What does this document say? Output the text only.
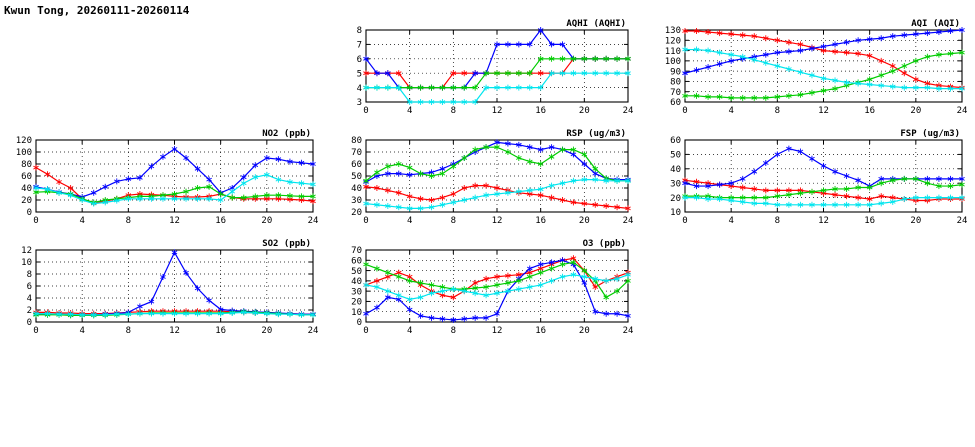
Kwun Tong, 20260111-20260114
0	4	8	12	16	20	24
3
4
5
6
7
8
AQHI (AQHI)
0	4	8	12	16	20	24
60
70
80
90
100
110
120
130
AQI (AQI)
0	4	8	12	16	20	24
0
20
40
60
80
100
120
NO2 (ppb)
0	4	8	12	16	20	24
20
30
40
50
60
70
80
RSP (ug/m3)
0	4	8	12	16	20	24
10
20
30
40
50
60
FSP (ug/m3)
0	4	8	12	16	20	24
0
2
4
6
8
10
12
SO2 (ppb)
0	4	8	12	16	20	24
0
10
20
30
40
50
60
70
O3 (ppb)
